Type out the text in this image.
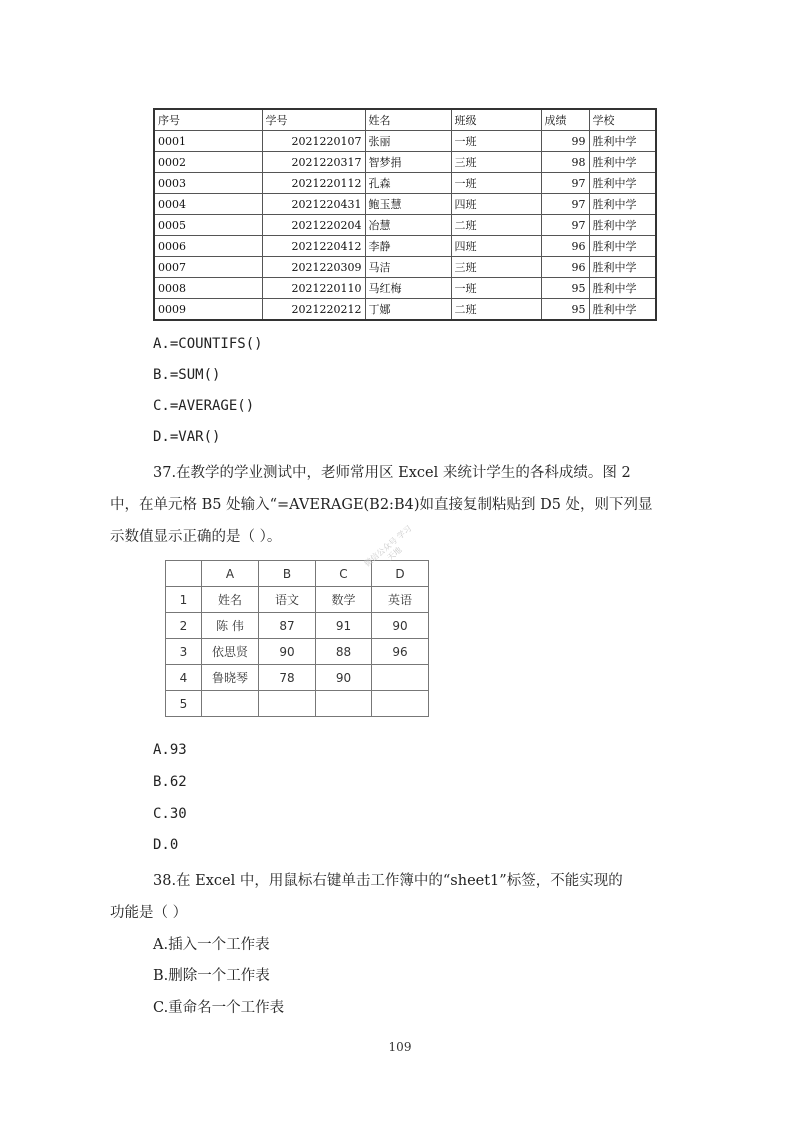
序号	学号	姓名	班级	成绩	学校
0001	2021220107	张丽	一班	99	胜利中学
0002	2021220317	智梦捐	三班	98	胜利中学
0003	2021220112	孔森	一班	97	胜利中学
0004	2021220431	鲍玉慧	四班	97	胜利中学
0005	2021220204	冶慧	二班	97	胜利中学
0006	2021220412	李静	四班	96	胜利中学
0007	2021220309	马洁	三班	96	胜利中学
0008	2021220110	马红梅	一班	95	胜利中学
0009	2021220212	丁娜	二班	95	胜利中学
A.=COUNTIFS()
B.=SUM()
C.=AVERAGE()
D.=VAR()
37.在教学的学业测试中，老师常用区 Excel 来统计学生的各科成绩。图 2
中，在单元格 B5 处输入“=AVERAGE(B2:B4)如直接复制粘贴到 D5 处，则下列显
示数值显示正确的是（ ）。
	A	B	C	D
1	姓名	语文	数学	英语
2	陈 伟	87	91	90
3	依思贤	90	88	96
4	鲁晓琴	78	90	
5				
微信公众号 学习天地
A.93
B.62
C.30
D.0
38.在 Excel 中，用鼠标右键单击工作簿中的“sheet1”标签，不能实现的
功能是（ ）
A.插入一个工作表
B.删除一个工作表
C.重命名一个工作表
109
